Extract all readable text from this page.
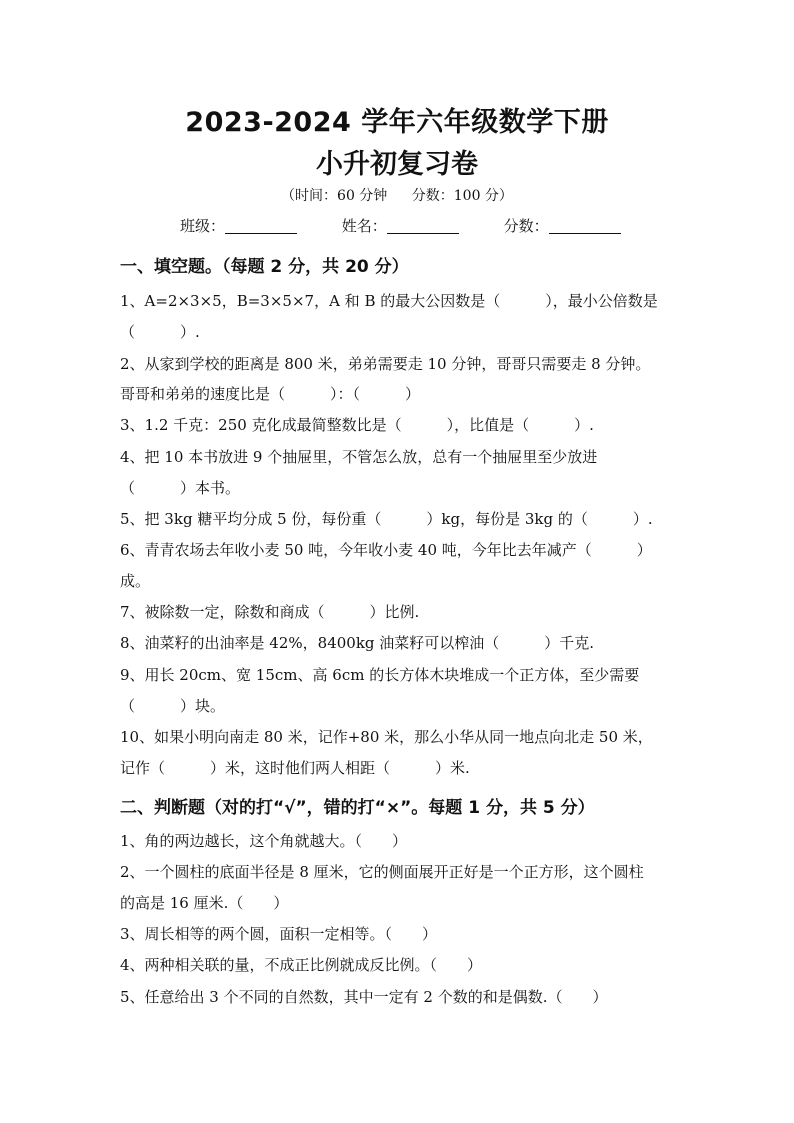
2023-2024 学年六年级数学下册
小升初复习卷
（时间：60 分钟 分数：100 分）
班级：	姓名：	分数：
一、填空题。（每题 2 分，共 20 分）
1、A=2×3×5，B=3×5×7，A 和 B 的最大公因数是（　　　），最小公倍数是
（　　　）.
2、从家到学校的距离是 800 米，弟弟需要走 10 分钟，哥哥只需要走 8 分钟。
哥哥和弟弟的速度比是（　　　）：（　　　）
3、1.2 千克：250 克化成最简整数比是（　　　），比值是（　　　）.
4、把 10 本书放进 9 个抽屉里，不管怎么放，总有一个抽屉里至少放进
（　　　）本书。
5、把 3kg 糖平均分成 5 份，每份重（　　　）kg，每份是 3kg 的（　　　）.
6、青青农场去年收小麦 50 吨，今年收小麦 40 吨，今年比去年减产（　　　）
成。
7、被除数一定，除数和商成（　　　）比例.
8、油菜籽的出油率是 42%，8400kg 油菜籽可以榨油（　　　）千克.
9、用长 20cm、宽 15cm、高 6cm 的长方体木块堆成一个正方体，至少需要
（　　　）块。
10、如果小明向南走 80 米，记作+80 米，那么小华从同一地点向北走 50 米，
记作（　　　）米，这时他们两人相距（　　　）米.
二、判断题（对的打“√”，错的打“×”。每题 1 分，共 5 分）
1、角的两边越长，这个角就越大。（　　）
2、一个圆柱的底面半径是 8 厘米，它的侧面展开正好是一个正方形，这个圆柱
的高是 16 厘米.（　　）
3、周长相等的两个圆，面积一定相等。（　　）
4、两种相关联的量，不成正比例就成反比例。（　　）
5、任意给出 3 个不同的自然数，其中一定有 2 个数的和是偶数.（　　）
